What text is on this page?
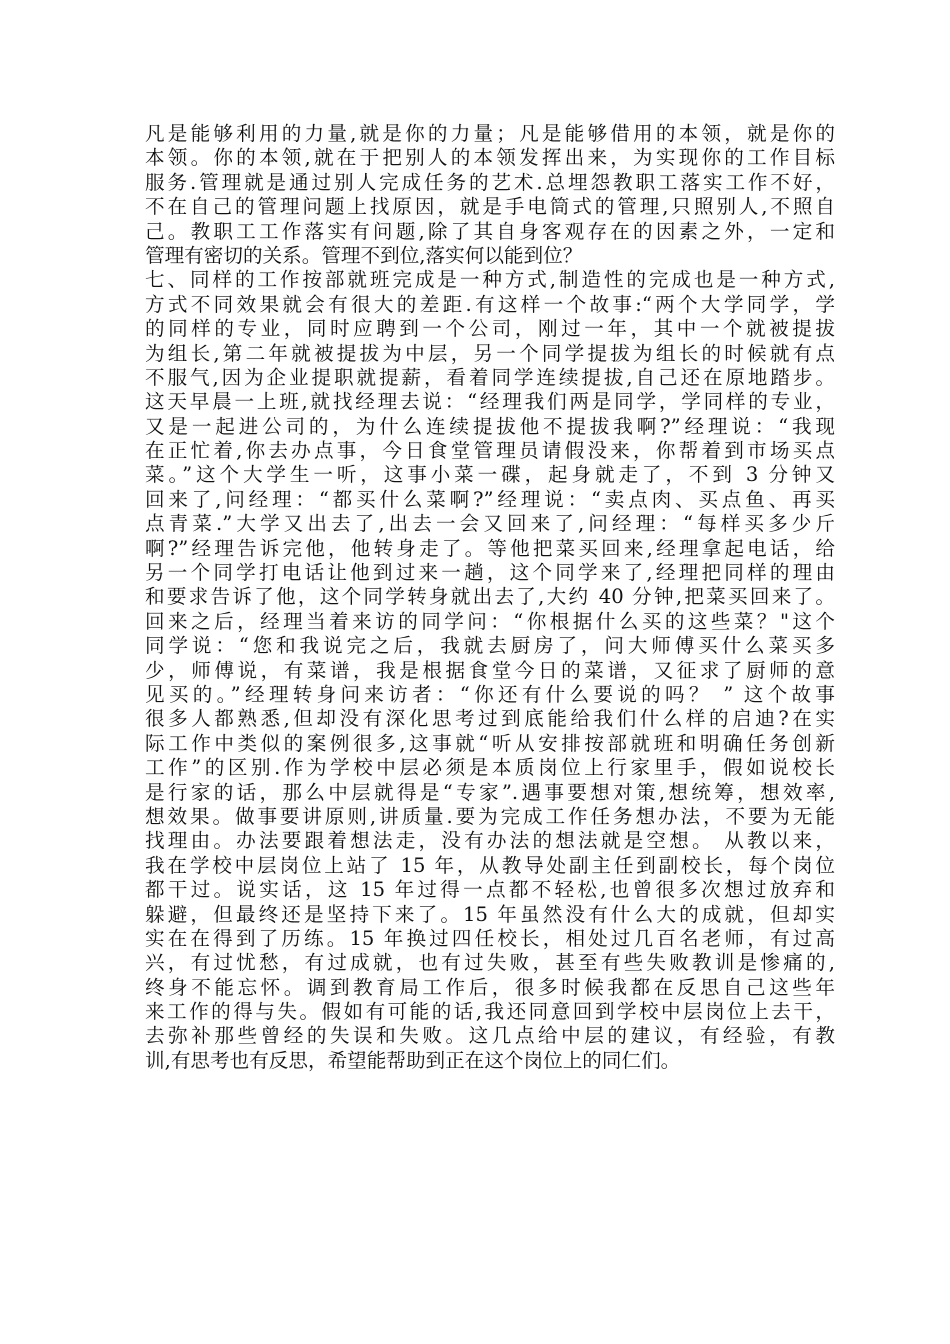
凡是能够利用的力量,就是你的力量；凡是能够借用的本领，就是你的
本领。你的本领,就在于把别人的本领发挥出来，为实现你的工作目标
服务.管理就是通过别人完成任务的艺术.总埋怨教职工落实工作不好，
不在自己的管理问题上找原因，就是手电筒式的管理,只照别人,不照自
己。教职工工作落实有问题,除了其自身客观存在的因素之外，一定和
管理有密切的关系。管理不到位,落实何以能到位？
七、同样的工作按部就班完成是一种方式,制造性的完成也是一种方式,
方式不同效果就会有很大的差距.有这样一个故事:“两个大学同学，学
的同样的专业，同时应聘到一个公司，刚过一年，其中一个就被提拔
为组长,第二年就被提拔为中层，另一个同学提拔为组长的时候就有点
不服气,因为企业提职就提薪，看着同学连续提拔,自己还在原地踏步。
这天早晨一上班,就找经理去说：“经理我们两是同学，学同样的专业，
又是一起进公司的，为什么连续提拔他不提拔我啊?”经理说：“我现
在正忙着,你去办点事，今日食堂管理员请假没来，你帮着到市场买点
菜。”这个大学生一听，这事小菜一碟，起身就走了，不到 3 分钟又
回来了,问经理：“都买什么菜啊?”经理说：“卖点肉、买点鱼、再买
点青菜.”大学又出去了,出去一会又回来了,问经理：“每样买多少斤
啊?”经理告诉完他，他转身走了。等他把菜买回来,经理拿起电话，给
另一个同学打电话让他到过来一趟，这个同学来了,经理把同样的理由
和要求告诉了他，这个同学转身就出去了,大约 40 分钟,把菜买回来了。
回来之后，经理当着来访的同学问：“你根据什么买的这些菜？"这个
同学说：“您和我说完之后，我就去厨房了，问大师傅买什么菜买多
少，师傅说，有菜谱，我是根据食堂今日的菜谱，又征求了厨师的意
见买的。”经理转身问来访者：“你还有什么要说的吗？ ” 这个故事
很多人都熟悉,但却没有深化思考过到底能给我们什么样的启迪?在实
际工作中类似的案例很多,这事就“听从安排按部就班和明确任务创新
工作”的区别.作为学校中层必须是本质岗位上行家里手，假如说校长
是行家的话，那么中层就得是“专家”.遇事要想对策,想统筹，想效率,
想效果。做事要讲原则,讲质量.要为完成工作任务想办法，不要为无能
找理由。办法要跟着想法走，没有办法的想法就是空想。 从教以来，
我在学校中层岗位上站了 15 年，从教导处副主任到副校长，每个岗位
都干过。说实话，这 15 年过得一点都不轻松,也曾很多次想过放弃和
躲避，但最终还是坚持下来了。15 年虽然没有什么大的成就，但却实
实在在得到了历练。15 年换过四任校长，相处过几百名老师，有过高
兴，有过忧愁，有过成就，也有过失败，甚至有些失败教训是惨痛的,
终身不能忘怀。调到教育局工作后，很多时候我都在反思自己这些年
来工作的得与失。假如有可能的话,我还同意回到学校中层岗位上去干，
去弥补那些曾经的失误和失败。这几点给中层的建议，有经验，有教
训,有思考也有反思，希望能帮助到正在这个岗位上的同仁们。
